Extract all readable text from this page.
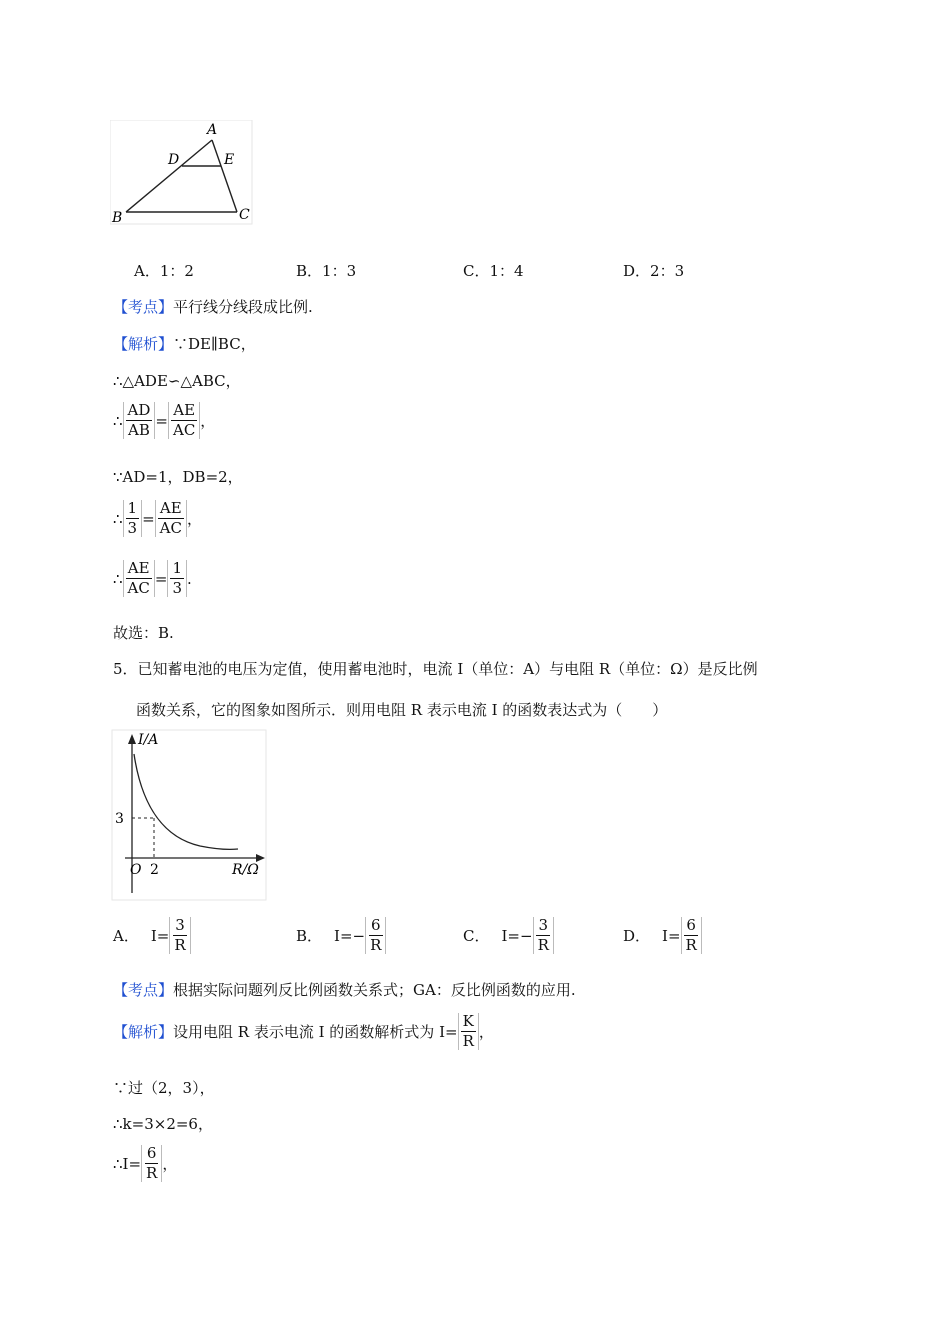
A
D	E
B	C
A．1：2	B．1：3	C．1：4	D．2：3
【考点】平行线分线段成比例.
【解析】∵DE∥BC，
∴△ADE∽△ABC，
∴ $\frac{AD}{AB} = \frac{AE}{AC}$ ，
∵AD=1，DB=2，
∴ $\frac{1}{3} = \frac{AE}{AC}$ ，
∴ $\frac{AE}{AC} = \frac{1}{3}$ .
故选：B.
5．已知蓄电池的电压为定值，使用蓄电池时，电流 I（单位：A）与电阻 R（单位：Ω）是反比例
函数关系，它的图象如图所示．则用电阻 R 表示电流 I 的函数表达式为（　　）
I/A
R/Ω
O
3
2
A． $I= \frac{3}{R}$	B． $I= - \frac{6}{R}$	C． $I= - \frac{3}{R}$	D． $I= \frac{6}{R}$
【考点】根据实际问题列反比例函数关系式；GA：反比例函数的应用.
【解析】 设用电阻 R 表示电流 I 的函数解析式为 $I= \frac{K}{R}$ ，
∵过（2，3），
∴k=3×2=6，
∴I= $\frac{6}{R}$ ，
